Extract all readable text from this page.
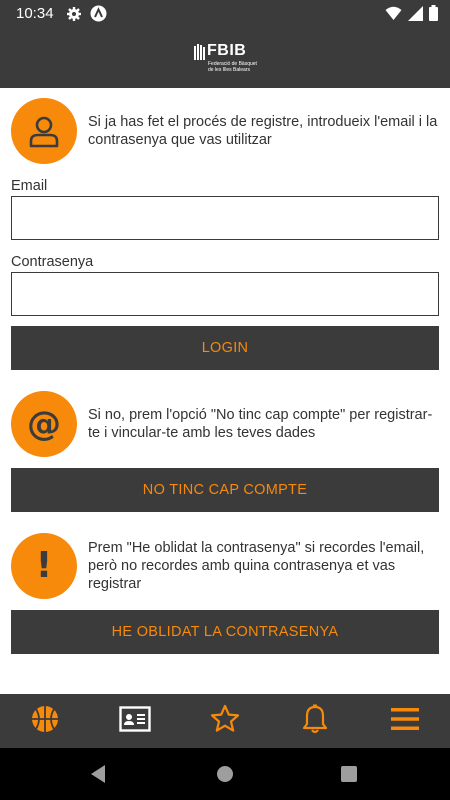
10:34
FBIB
Federació de Bàsquet de les Illes Balears
Si ja has fet el procés de registre, introdueix l'email i la contrasenya que vas utilitzar
Email
Contrasenya
LOGIN
@ Si no, prem l'opció "No tinc cap compte" per registrar-te i vincular-te amb les teves dades
NO TINC CAP COMPTE
! Prem "He oblidat la contrasenya" si recordes l'email, però no recordes amb quina contrasenya et vas registrar
HE OBLIDAT LA CONTRASENYA
